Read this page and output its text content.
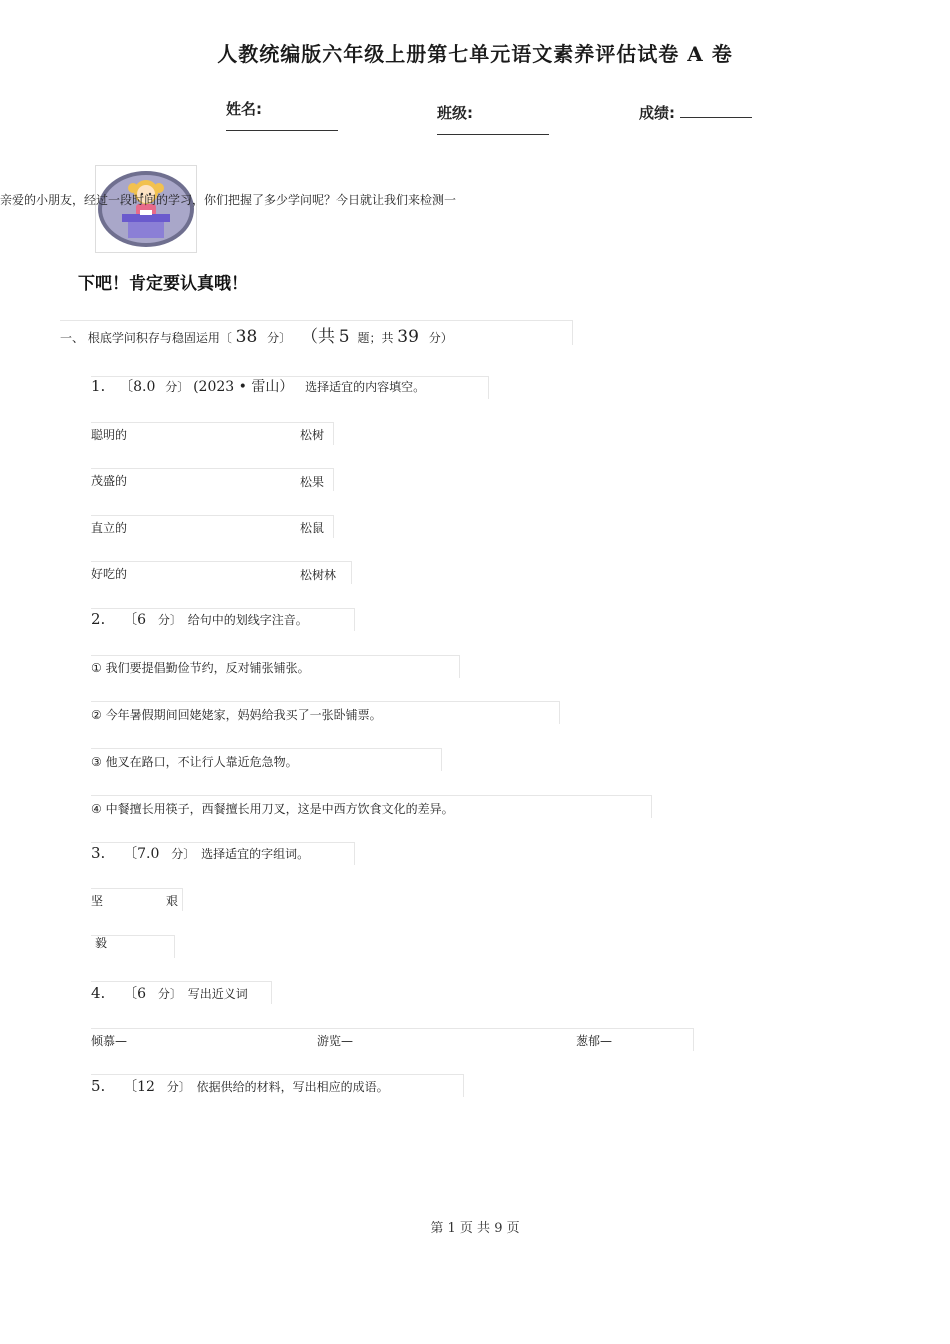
人教统编版六年级上册第七单元语文素养评估试卷 A 卷
姓名:	班级:	成绩:
亲爱的小朋友，经过一段时间的学习，你们把握了多少学问呢？今日就让我们来检测一
下吧！肯定要认真哦！
一、 根底学问积存与稳固运用〔 38 分〕 （共 5 题；共 39 分）
1. 〔8.0 分〕 (2023 • 雷山） 选择适宜的内容填空。
聪明的	松树
茂盛的	松果
直立的	松鼠
好吃的	松树林
2. 〔6 分〕 给句中的划线字注音。
① 我们要提倡勤俭节约，反对铺张铺张。
② 今年暑假期间回姥姥家，妈妈给我买了一张卧铺票。
③ 他叉在路口，不让行人靠近危急物。
④ 中餐擅长用筷子，西餐擅长用刀叉，这是中西方饮食文化的差异。
3. 〔7.0 分〕 选择适宜的字组词。
坚	艰
毅
4. 〔6 分〕 写出近义词
倾慕—	游览—	葱郁—
5. 〔12 分〕 依据供给的材料，写出相应的成语。
第 1 页 共 9 页
